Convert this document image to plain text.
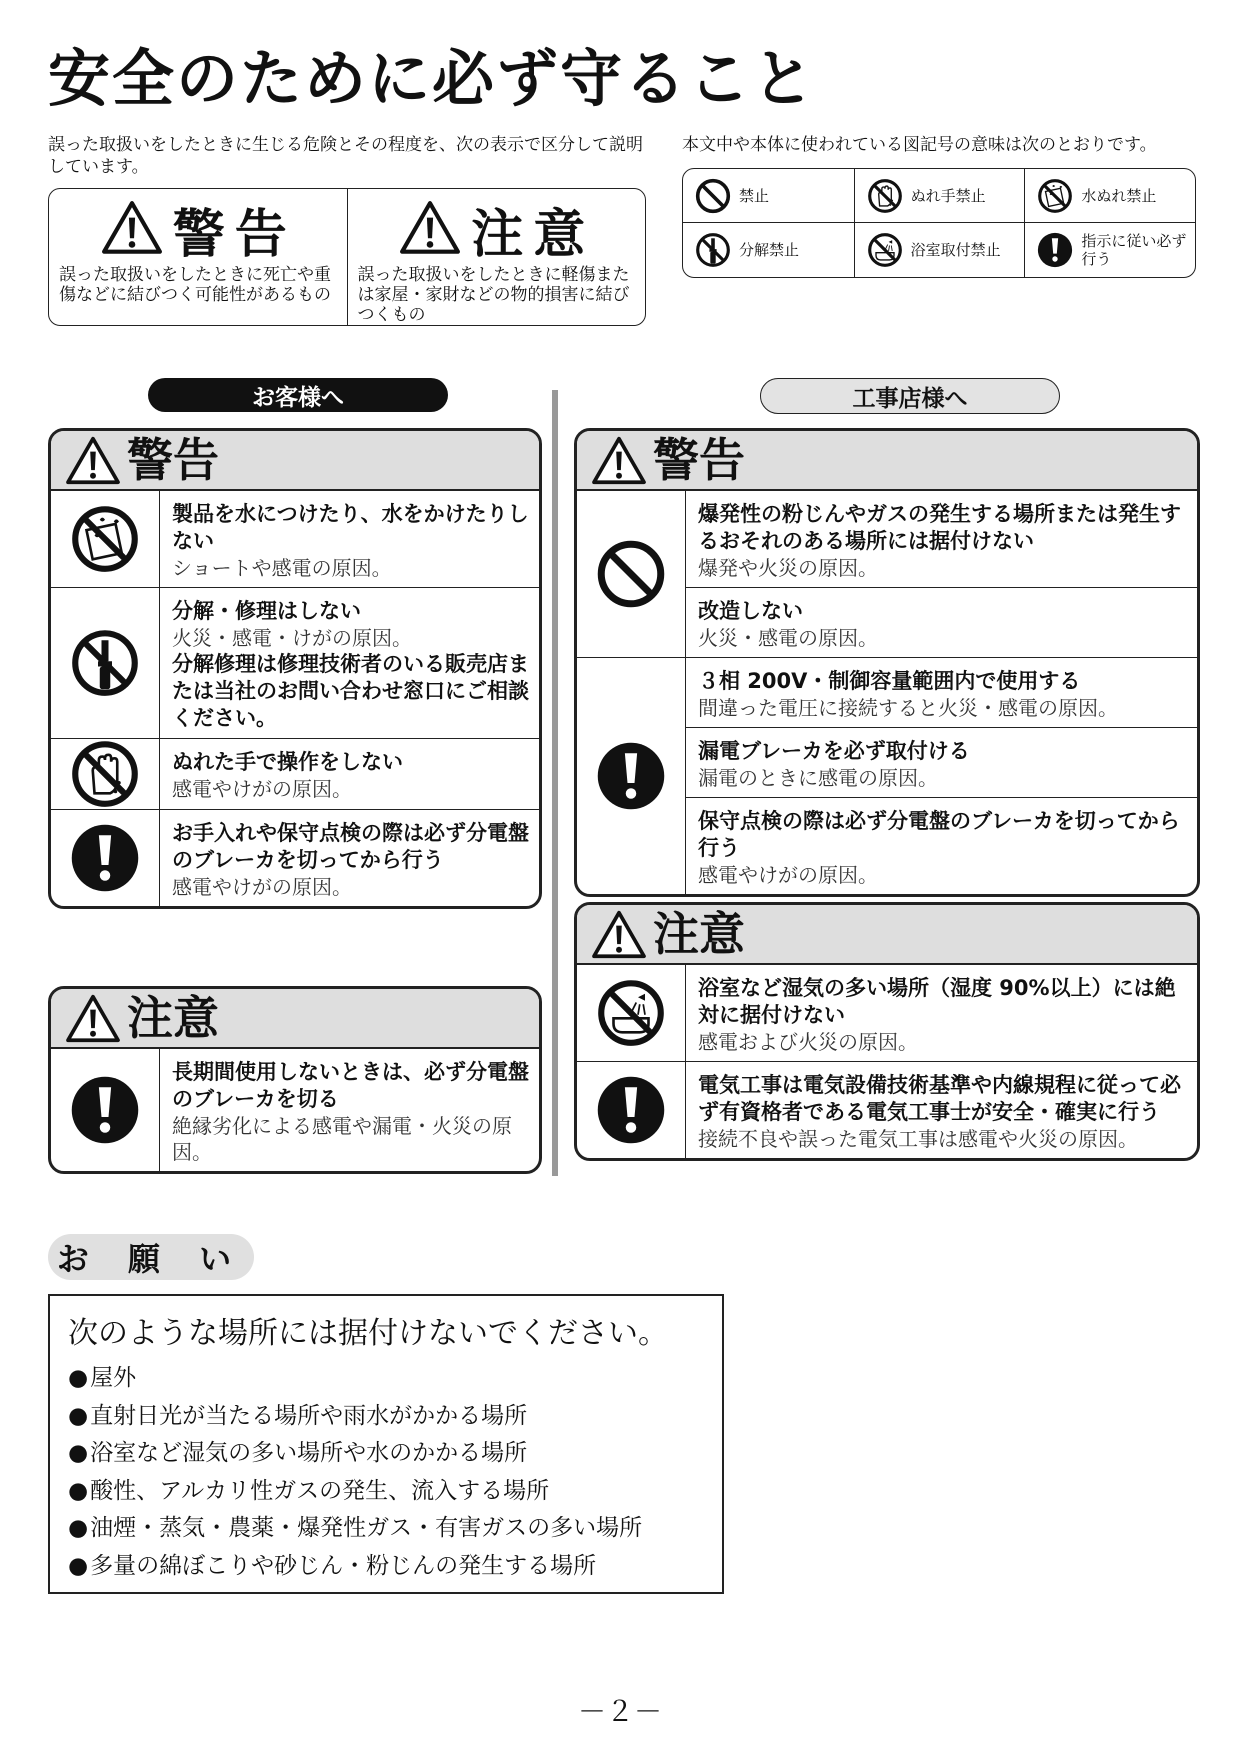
安全のために必ず守ること
誤った取扱いをしたときに生じる危険とその程度を、次の表示で区分して説明しています。
本文中や本体に使われている図記号の意味は次のとおりです。
警告
誤った取扱いをしたときに死亡や重傷などに結びつく可能性があるもの
注意
誤った取扱いをしたときに軽傷または家屋・家財などの物的損害に結びつくもの
禁止	ぬれ手禁止	水ぬれ禁止
分解禁止	浴室取付禁止	指示に従い必ず行う
お客様へ	工事店様へ
警告
製品を水につけたり、水をかけたりしない
ショートや感電の原因。
分解・修理はしない
火災・感電・けがの原因。
分解修理は修理技術者のいる販売店または当社のお問い合わせ窓口にご相談ください。
ぬれた手で操作をしない
感電やけがの原因。
お手入れや保守点検の際は必ず分電盤のブレーカを切ってから行う
感電やけがの原因。
注意
長期間使用しないときは、必ず分電盤のブレーカを切る
絶縁劣化による感電や漏電・火災の原因。
警告
爆発性の粉じんやガスの発生する場所または発生するおそれのある場所には据付けない
爆発や火災の原因。
改造しない
火災・感電の原因。
３相 200V・制御容量範囲内で使用する
間違った電圧に接続すると火災・感電の原因。
漏電ブレーカを必ず取付ける
漏電のときに感電の原因。
保守点検の際は必ず分電盤のブレーカを切ってから行う
感電やけがの原因。
注意
浴室など湿気の多い場所（湿度 90%以上）には絶対に据付けない
感電および火災の原因。
電気工事は電気設備技術基準や内線規程に従って必ず有資格者である電気工事士が安全・確実に行う
接続不良や誤った電気工事は感電や火災の原因。
お 願 い
次のような場所には据付けないでください。
● 屋外
● 直射日光が当たる場所や雨水がかかる場所
● 浴室など湿気の多い場所や水のかかる場所
● 酸性、アルカリ性ガスの発生、流入する場所
● 油煙・蒸気・農薬・爆発性ガス・有害ガスの多い場所
● 多量の綿ぼこりや砂じん・粉じんの発生する場所
－２－
